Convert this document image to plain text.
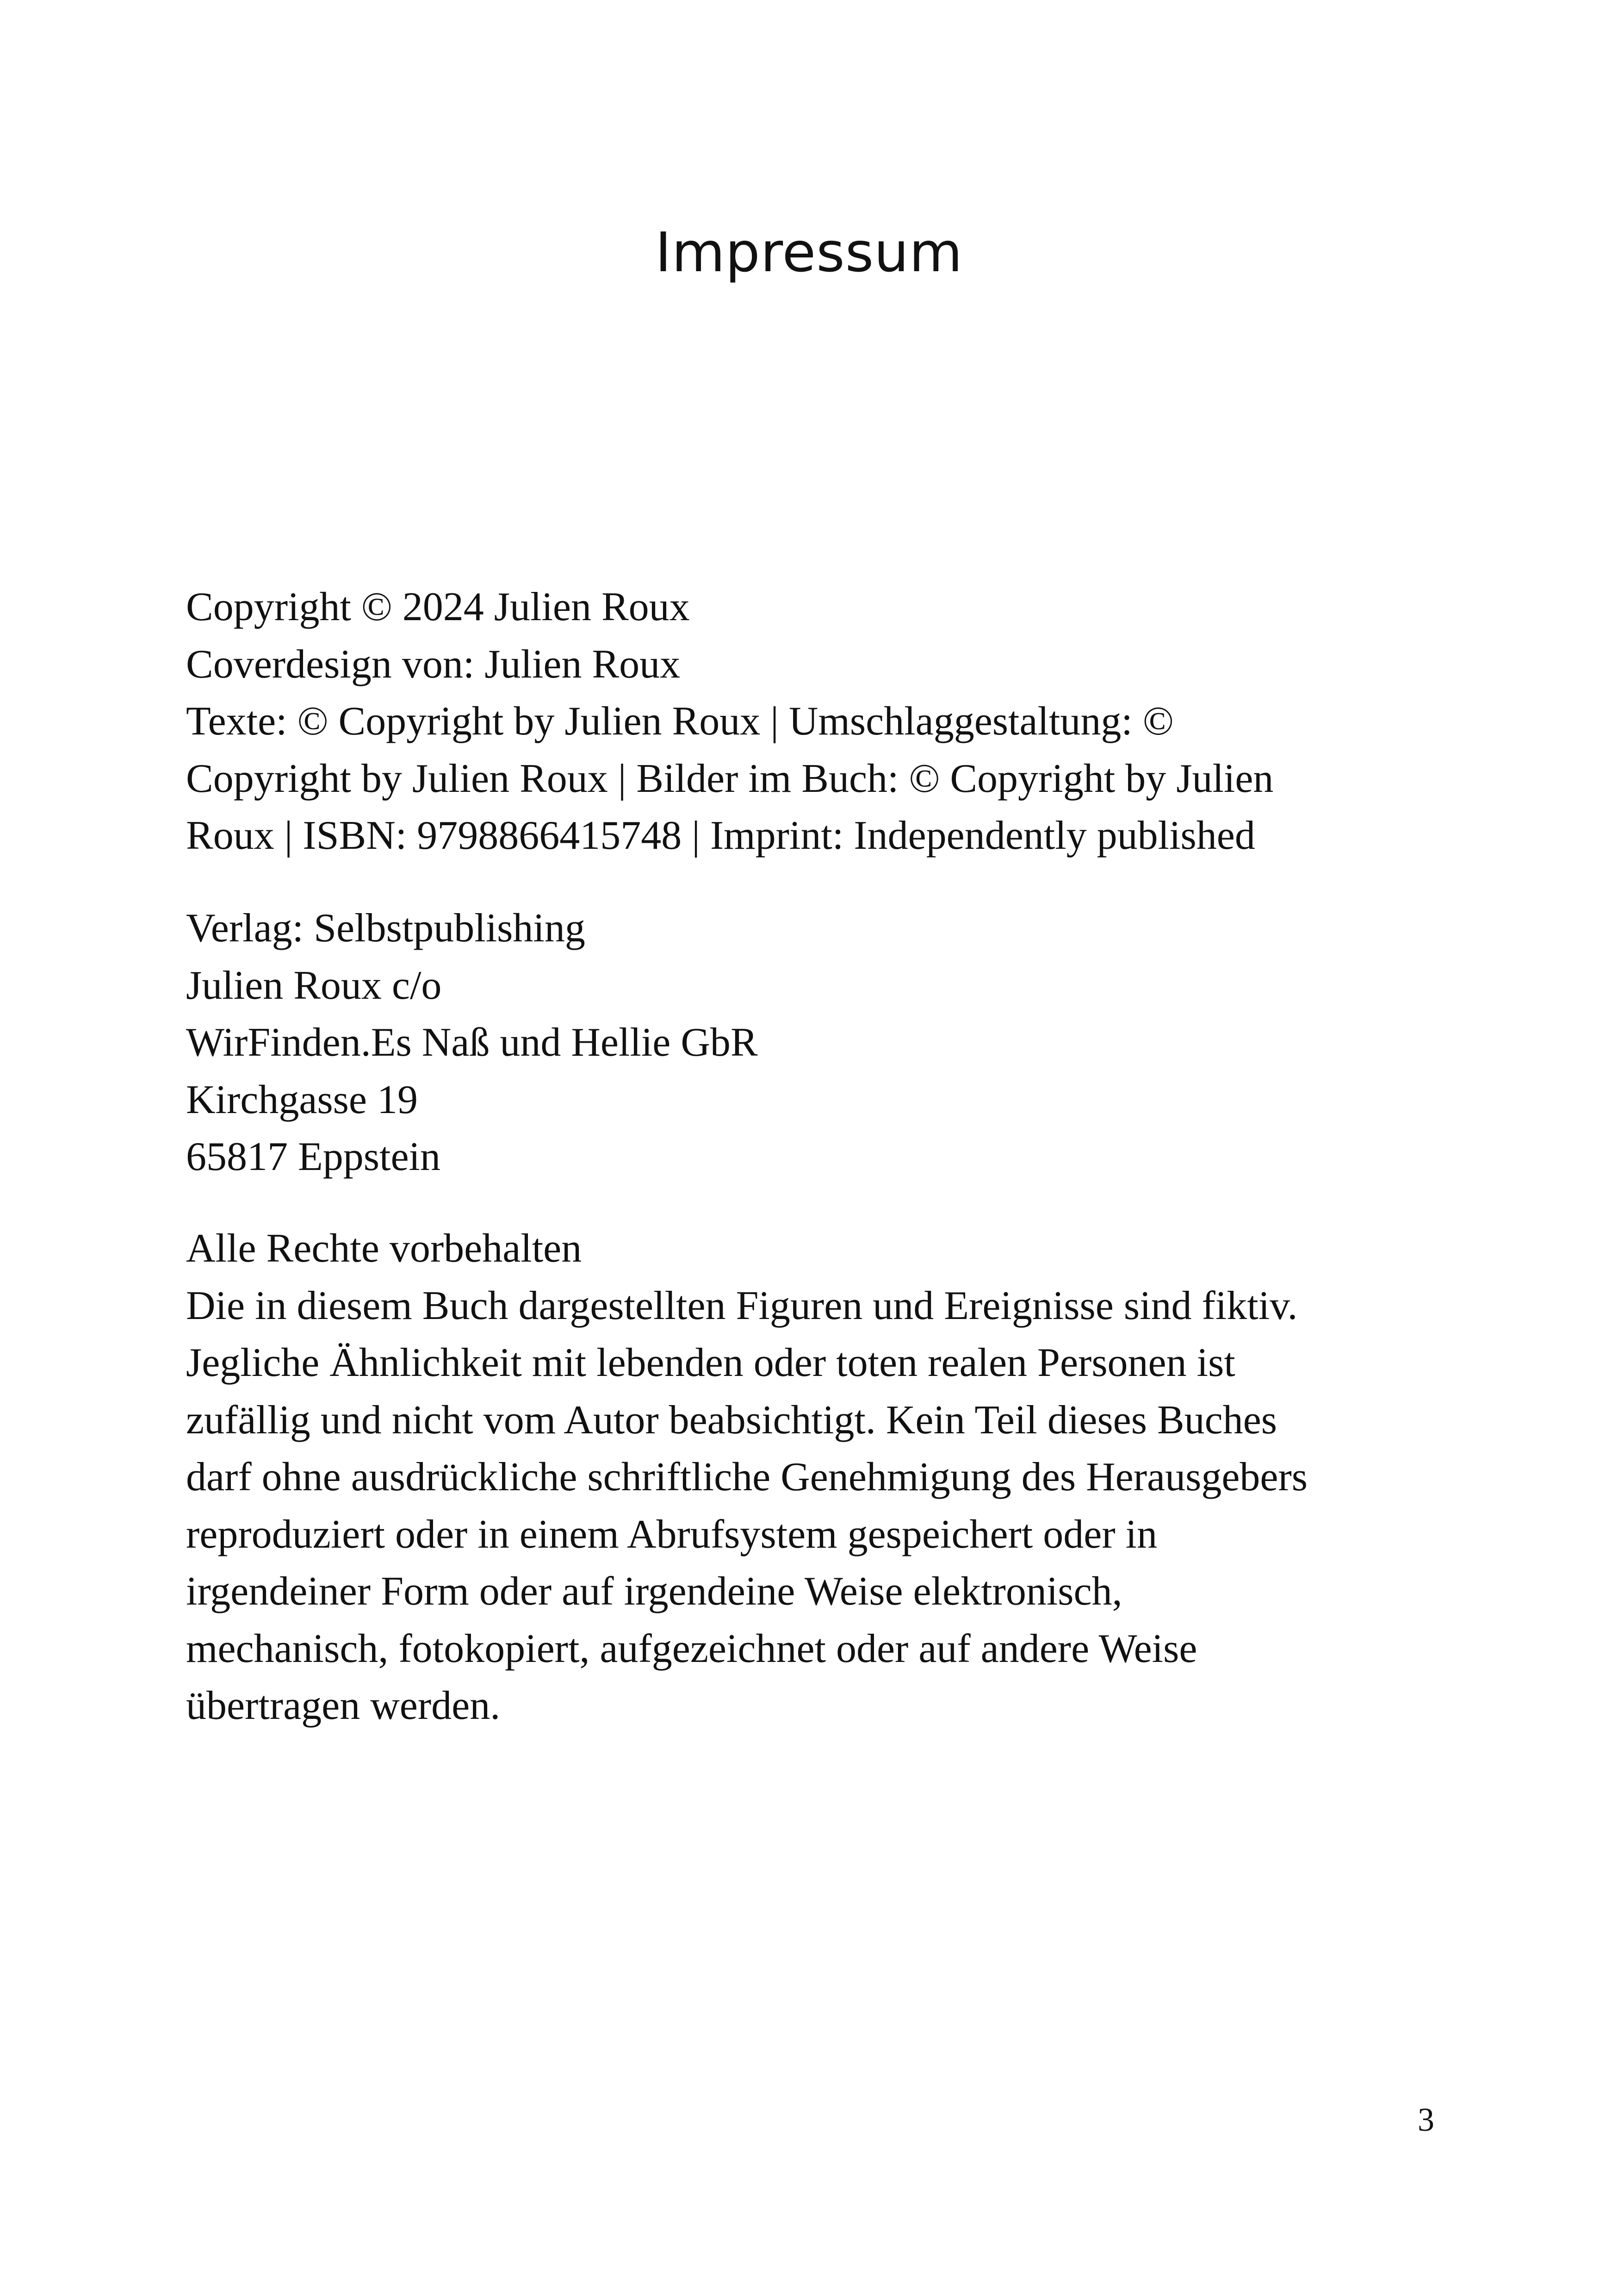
Impressum
Copyright © 2024 Julien Roux
Coverdesign von: Julien Roux
Texte: © Copyright by Julien Roux | Umschlaggestaltung: ©
Copyright by Julien Roux | Bilder im Buch: © Copyright by Julien
Roux | ISBN: 9798866415748 | Imprint: Independently published
Verlag: Selbstpublishing
Julien Roux c/o
WirFinden.Es Naß und Hellie GbR
Kirchgasse 19
65817 Eppstein
Alle Rechte vorbehalten
Die in diesem Buch dargestellten Figuren und Ereignisse sind fiktiv.
Jegliche Ähnlichkeit mit lebenden oder toten realen Personen ist
zufällig und nicht vom Autor beabsichtigt. Kein Teil dieses Buches
darf ohne ausdrückliche schriftliche Genehmigung des Herausgebers
reproduziert oder in einem Abrufsystem gespeichert oder in
irgendeiner Form oder auf irgendeine Weise elektronisch,
mechanisch, fotokopiert, aufgezeichnet oder auf andere Weise
übertragen werden.
3
